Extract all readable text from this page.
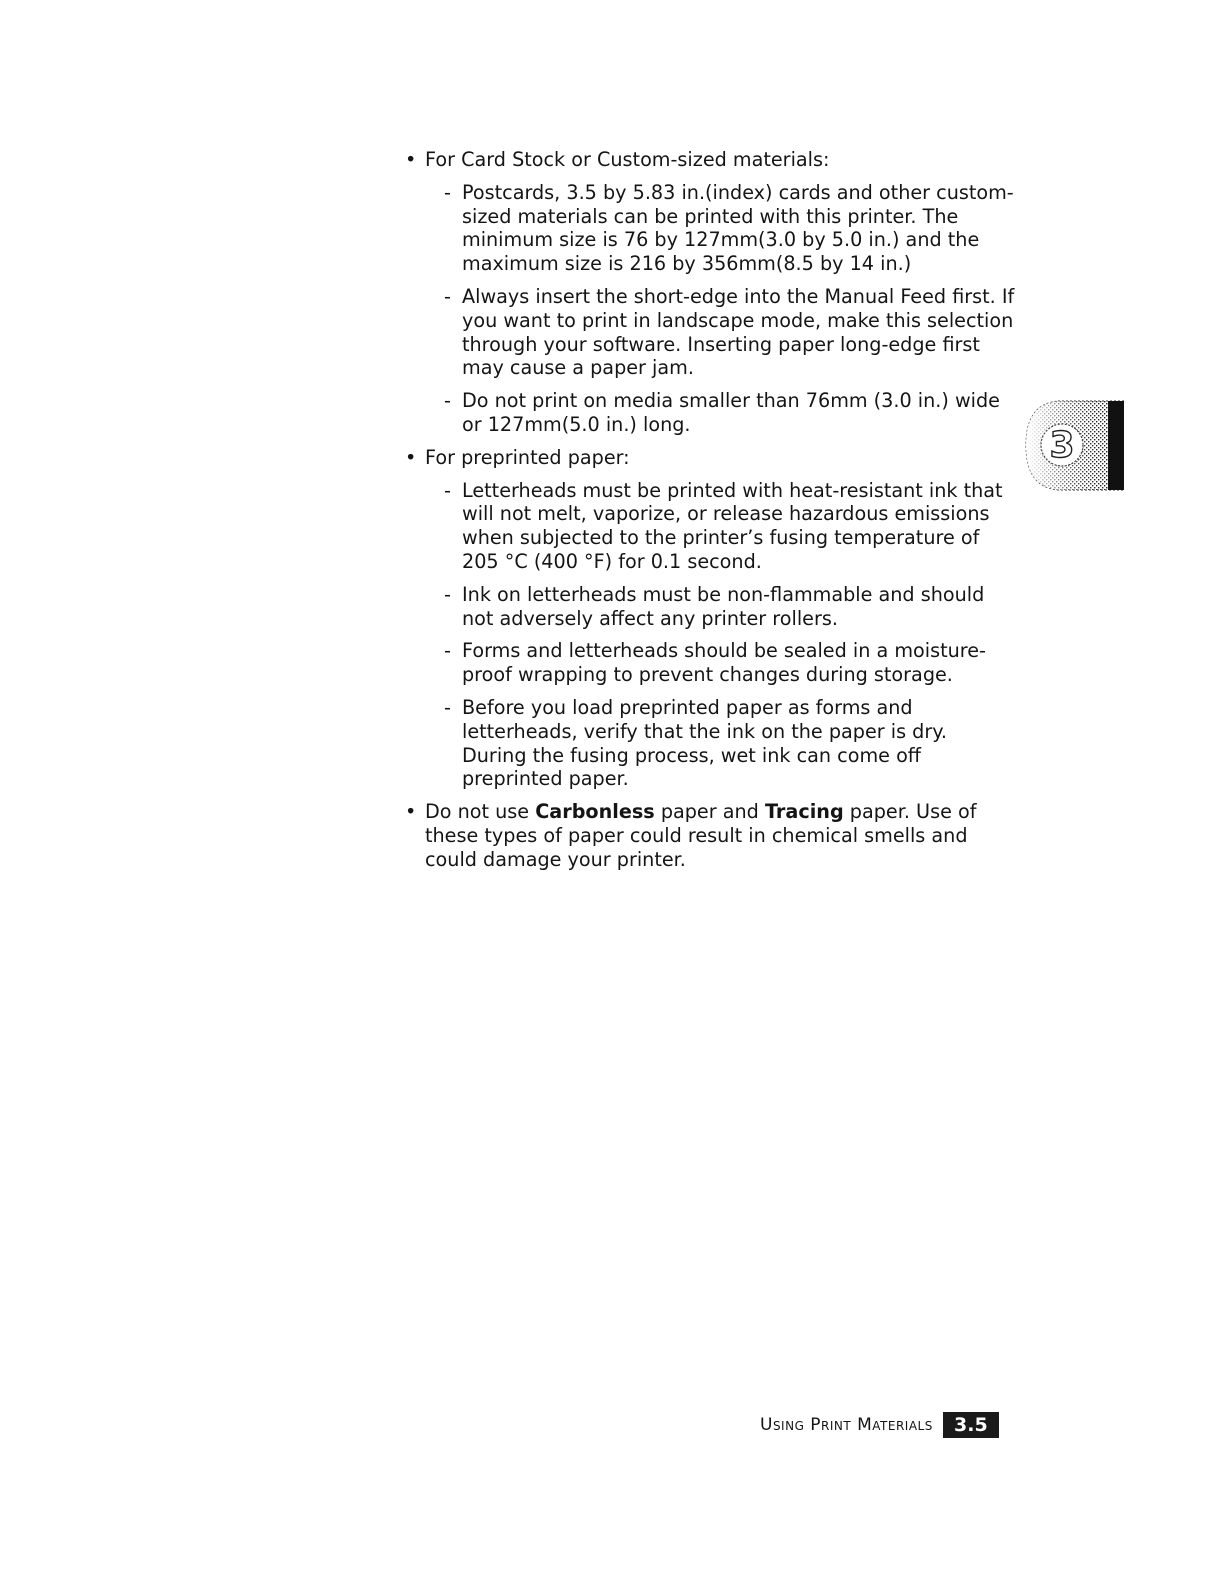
• For Card Stock or Custom-sized materials:
- Postcards, 3.5 by 5.83 in.(index) cards and other custom-sized materials can be printed with this printer. The minimum size is 76 by 127mm(3.0 by 5.0 in.) and the maximum size is 216 by 356mm(8.5 by 14 in.)
- Always insert the short-edge into the Manual Feed first. If you want to print in landscape mode, make this selection through your software. Inserting paper long-edge first may cause a paper jam.
- Do not print on media smaller than 76mm (3.0 in.) wide or 127mm(5.0 in.) long.
• For preprinted paper:
- Letterheads must be printed with heat-resistant ink that will not melt, vaporize, or release hazardous emissions when subjected to the printer’s fusing temperature of 205 °C (400 °F) for 0.1 second.
- Ink on letterheads must be non-flammable and should not adversely affect any printer rollers.
- Forms and letterheads should be sealed in a moisture-proof wrapping to prevent changes during storage.
- Before you load preprinted paper as forms and letterheads, verify that the ink on the paper is dry. During the fusing process, wet ink can come off preprinted paper.
• Do not use Carbonless paper and Tracing paper. Use of these types of paper could result in chemical smells and could damage your printer.
3
Using Print Materials	3.5
